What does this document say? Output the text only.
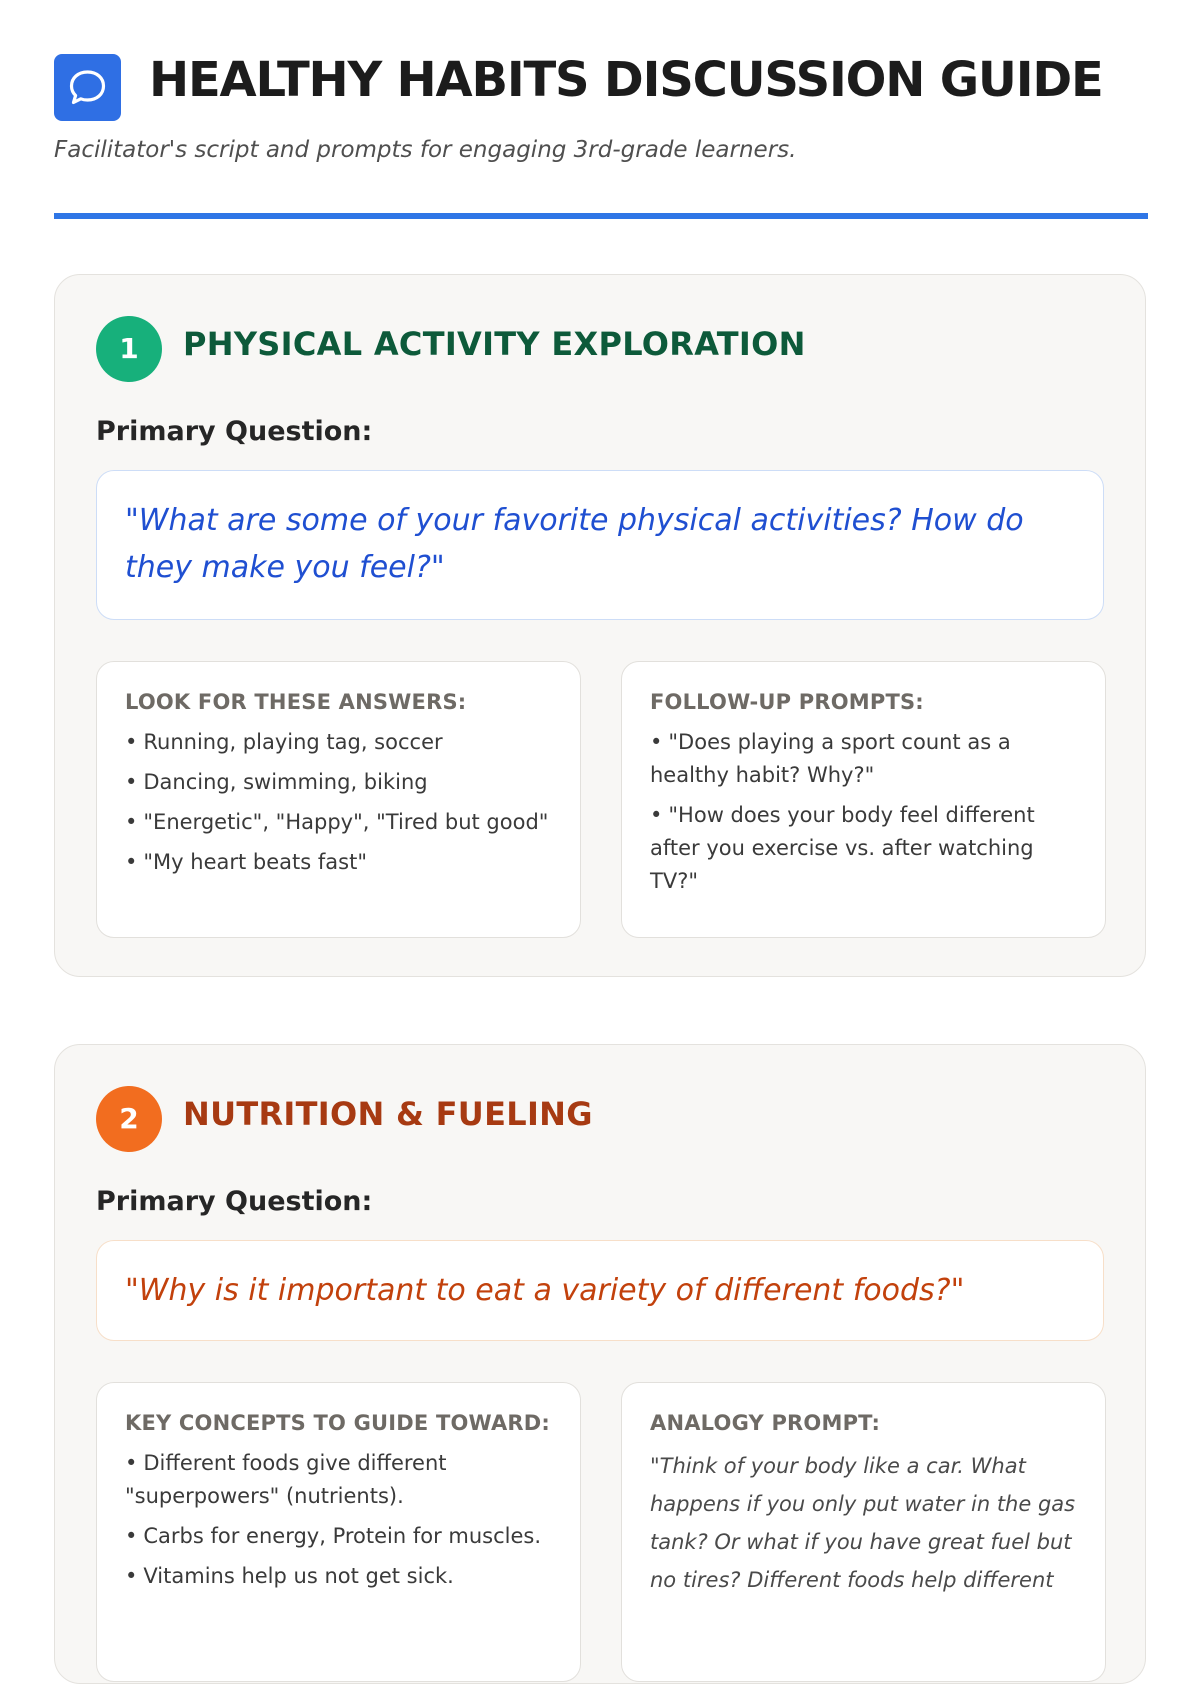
HEALTHY HABITS DISCUSSION GUIDE

Facilitator's script and prompts for engaging 3rd-grade learners.

1	PHYSICAL ACTIVITY EXPLORATION

Primary Question:

"What are some of your favorite physical activities? How do they make you feel?"

LOOK FOR THESE ANSWERS:

• Running, playing tag, soccer
• Dancing, swimming, biking
• "Energetic", "Happy", "Tired but good"
• "My heart beats fast"

FOLLOW-UP PROMPTS:

• "Does playing a sport count as a healthy habit? Why?"
• "How does your body feel different after you exercise vs. after watching TV?"
2	NUTRITION & FUELING

Primary Question:

"Why is it important to eat a variety of different foods?"

KEY CONCEPTS TO GUIDE TOWARD:

• Different foods give different "superpowers" (nutrients).
• Carbs for energy, Protein for muscles.
• Vitamins help us not get sick.

ANALOGY PROMPT:

"Think of your body like a car. What happens if you only put water in the gas tank? Or what if you have great fuel but no tires? Different foods help different
